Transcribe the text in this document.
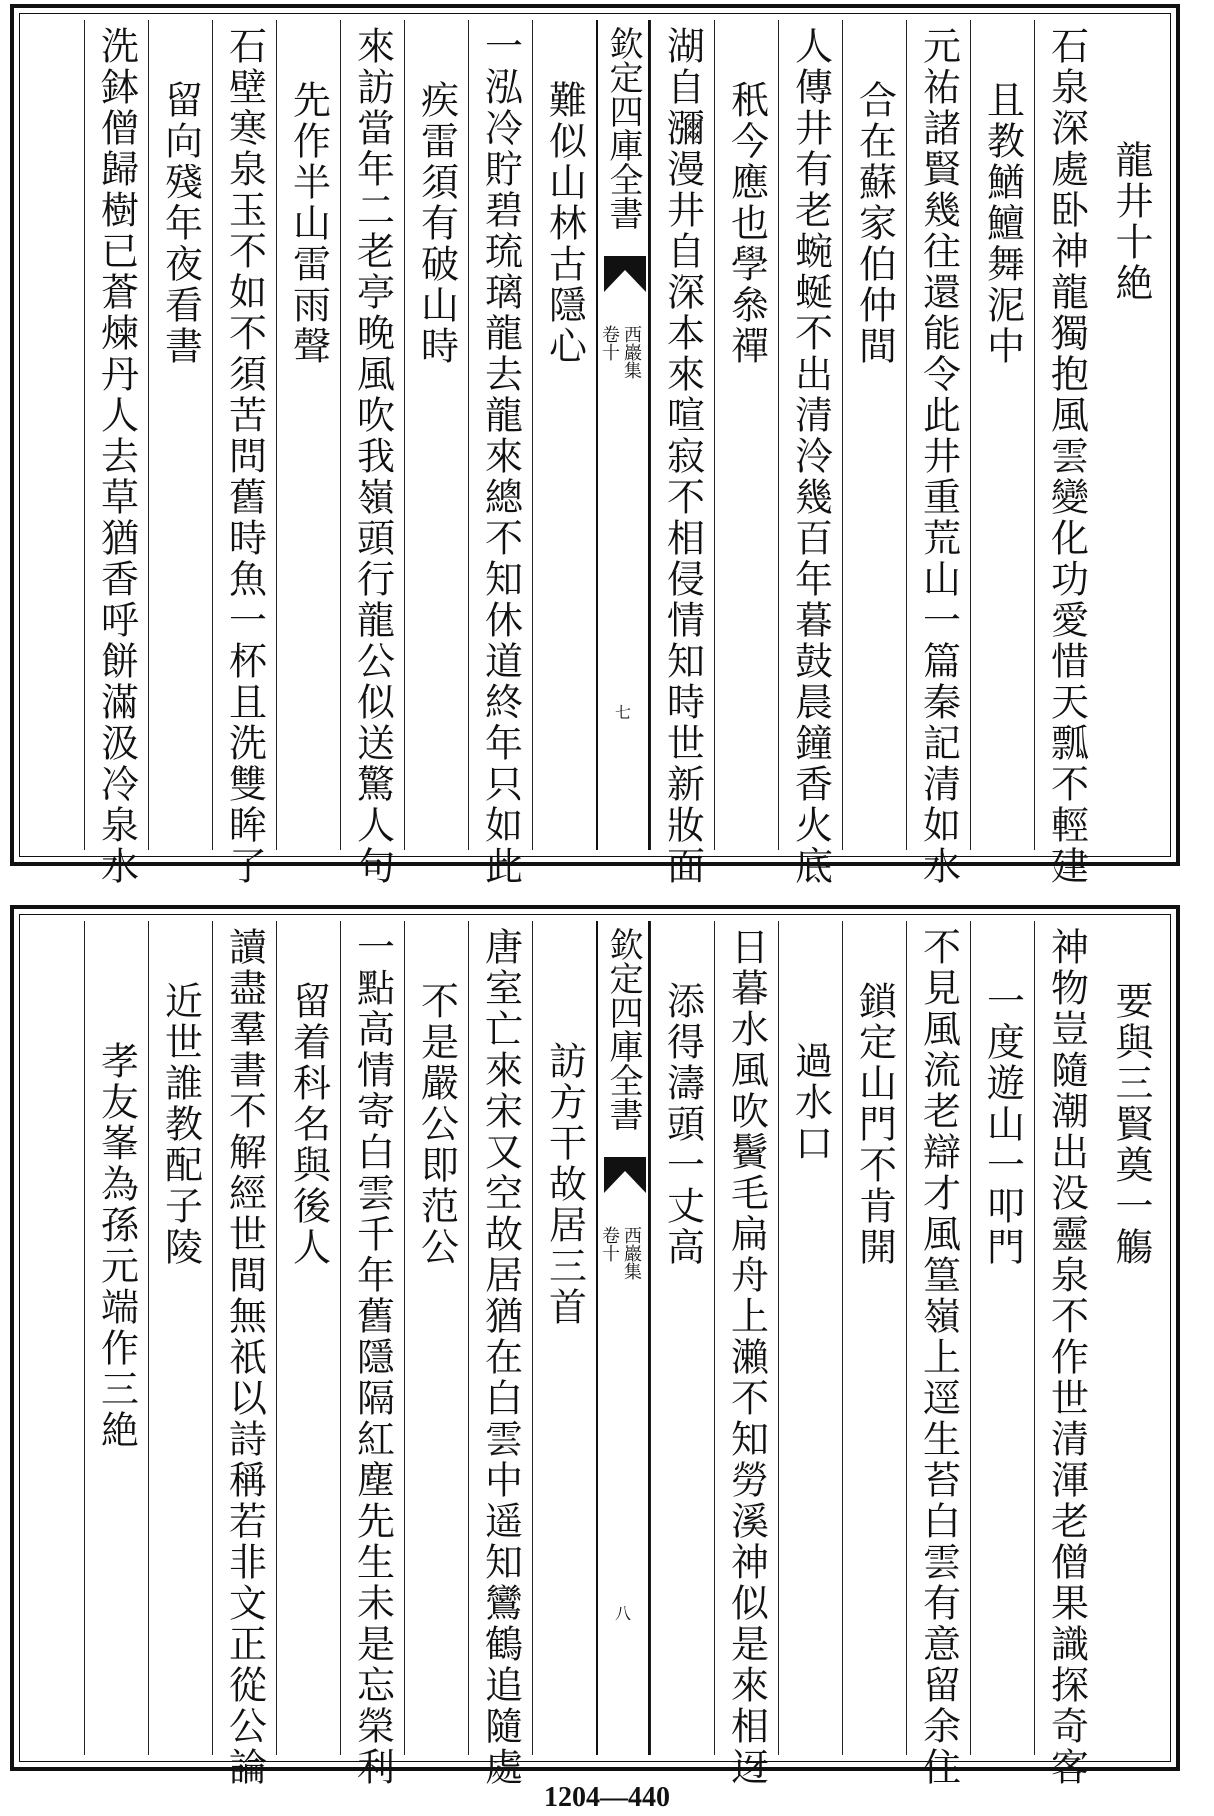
龍井十絶
石泉深處卧神龍獨抱風雲變化功愛惜天瓢不輕建
且教鰌鱣舞泥中
元祐諸賢幾往還能令此井重荒山一篇秦記清如水
合在蘇家伯仲間
人傳井有老蜿蜒不出清泠幾百年暮鼓晨鐘香火底
秖今應也學叅禪
湖自瀰漫井自深本來喧寂不相侵情知時世新妝面
欽定四庫全書
西巖集
卷十
七
難似山林古隱心
一泓冷貯碧琉璃龍去龍來總不知休道終年只如此
疾雷須有破山時
來訪當年二老亭晚風吹我嶺頭行龍公似送驚人句
先作半山雷雨聲
石壁寒泉玉不如不須苦問舊時魚一杯且洗雙眸了
留向殘年夜看書
洗鉢僧歸樹已蒼煉丹人去草猶香呼餅滿汲冷泉水
要與三賢奠一觴
神物豈隨潮出没靈泉不作世清渾老僧果識探奇客
一度遊山一叩門
不見風流老辯才風篁嶺上逕生苔白雲有意留余住
鎖定山門不肯開
過水口
日暮水風吹鬢毛扁舟上瀨不知勞溪神似是來相迓
添得濤頭一丈高
欽定四庫全書
西巖集
卷十
八
訪方干故居三首
唐室亡來宋又空故居猶在白雲中遥知鸞鶴追隨處
不是嚴公即范公
一點高情寄白雲千年舊隱隔紅塵先生未是忘榮利
留着科名與後人
讀盡羣書不解經世間無祇以詩稱若非文正從公論
近世誰教配子陵
孝友峯為孫元端作三絶
1204—440
